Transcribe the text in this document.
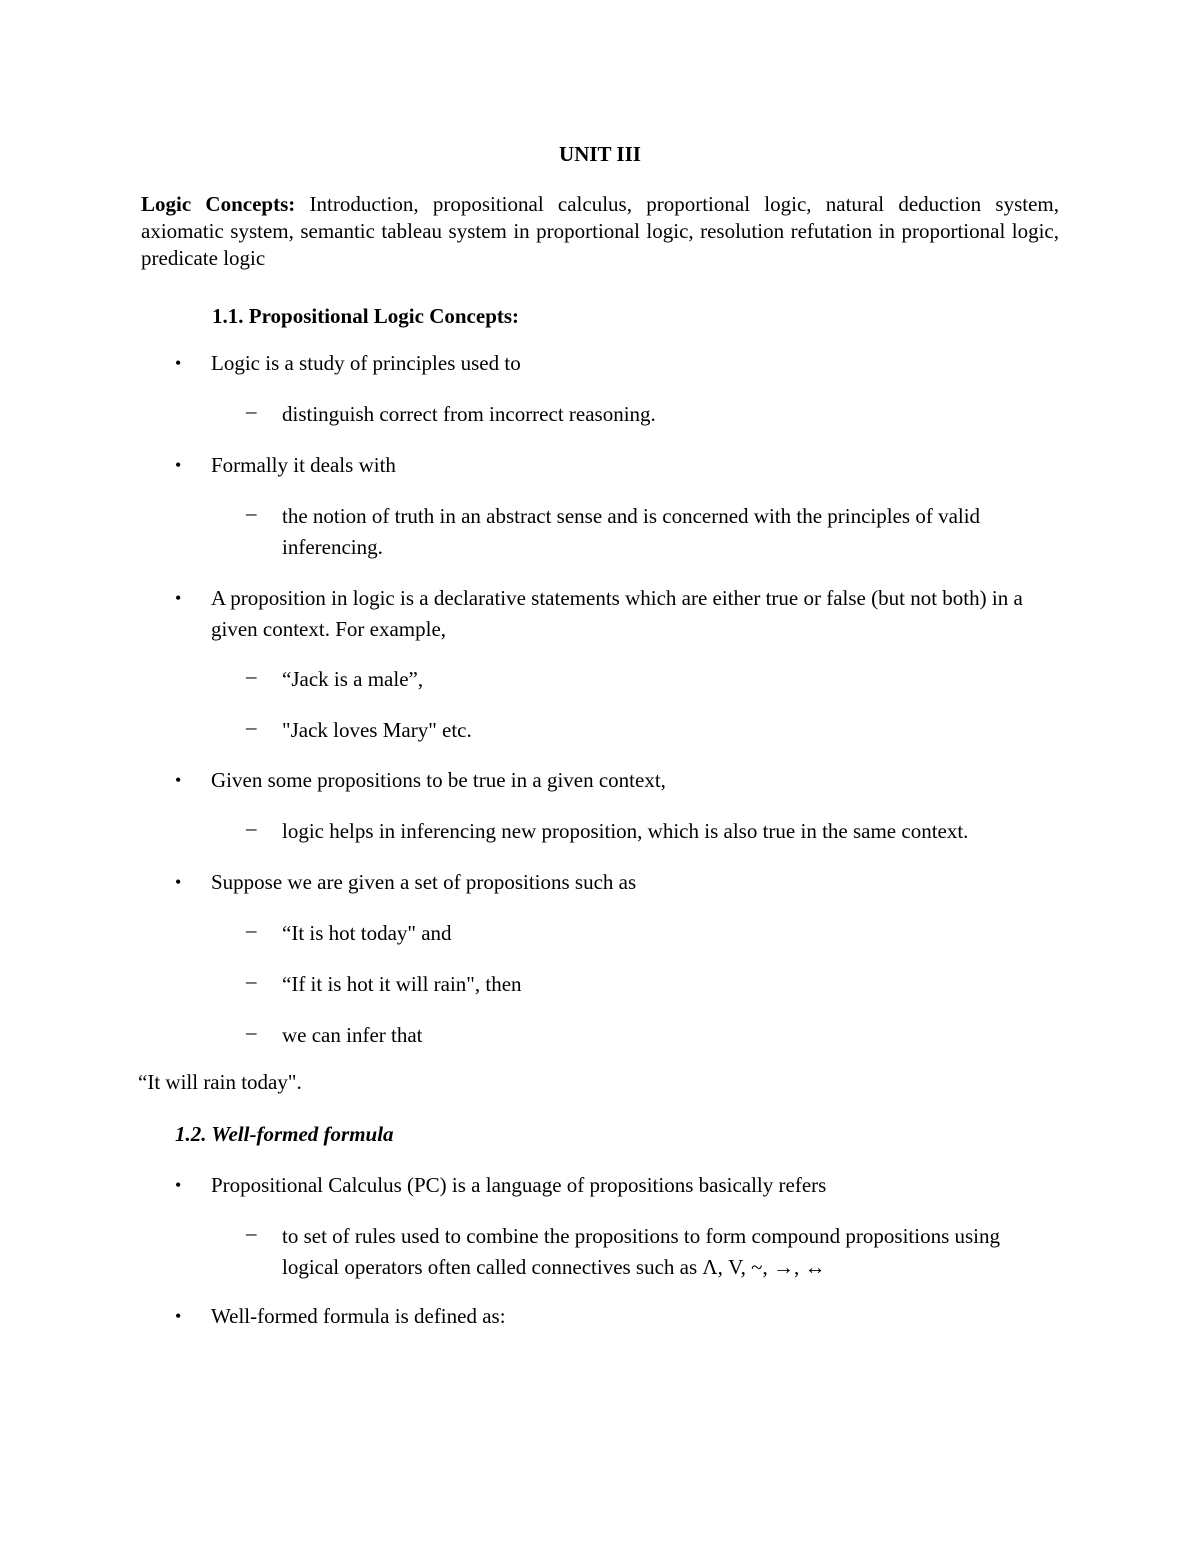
UNIT III
Logic Concepts: Introduction, propositional calculus, proportional logic, natural deduction system, axiomatic system, semantic tableau system in proportional logic, resolution refutation in proportional logic, predicate logic
1.1. Propositional Logic Concepts:
• Logic is a study of principles used to
– distinguish correct from incorrect reasoning.
• Formally it deals with
– the notion of truth in an abstract sense and is concerned with the principles of valid inferencing.
• A proposition in logic is a declarative statements which are either true or false (but not both) in a given context. For example,
– “Jack is a male”,
– "Jack loves Mary" etc.
• Given some propositions to be true in a given context,
– logic helps in inferencing new proposition, which is also true in the same context.
• Suppose we are given a set of propositions such as
– “It is hot today" and
– “If it is hot it will rain", then
– we can infer that
“It will rain today".
1.2. Well-formed formula
• Propositional Calculus (PC) is a language of propositions basically refers
– to set of rules used to combine the propositions to form compound propositions using logical operators often called connectives such as Λ, V, ~, →, ↔
• Well-formed formula is defined as:
